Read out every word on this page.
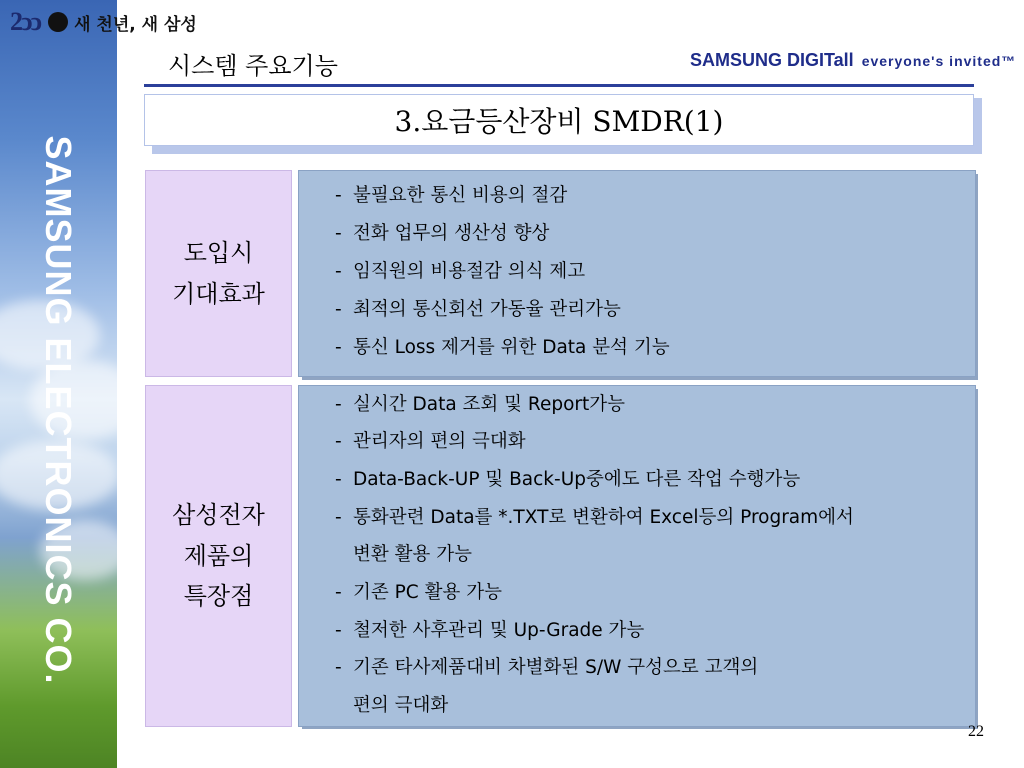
SAMSUNG ELECTRONICS CO.
2ↄↄ 새 천년, 새 삼성
시스템 주요기능	SAMSUNG DIGITall everyone's invited™
3.요금등산장비 SMDR(1)
도입시
기대효과
- 불필요한 통신 비용의 절감
- 전화 업무의 생산성 향상
- 임직원의 비용절감 의식 제고
- 최적의 통신회선 가동율 관리가능
- 통신 Loss 제거를 위한 Data 분석 기능
삼성전자
제품의
특장점
- 실시간 Data 조회 및 Report가능
- 관리자의 편의 극대화
- Data-Back-UP 및 Back-Up중에도 다른 작업 수행가능
- 통화관련 Data를 *.TXT로 변환하여 Excel등의 Program에서
변환 활용 가능
- 기존 PC 활용 가능
- 철저한 사후관리 및 Up-Grade 가능
- 기존 타사제품대비 차별화된 S/W 구성으로 고객의
편의 극대화
22
